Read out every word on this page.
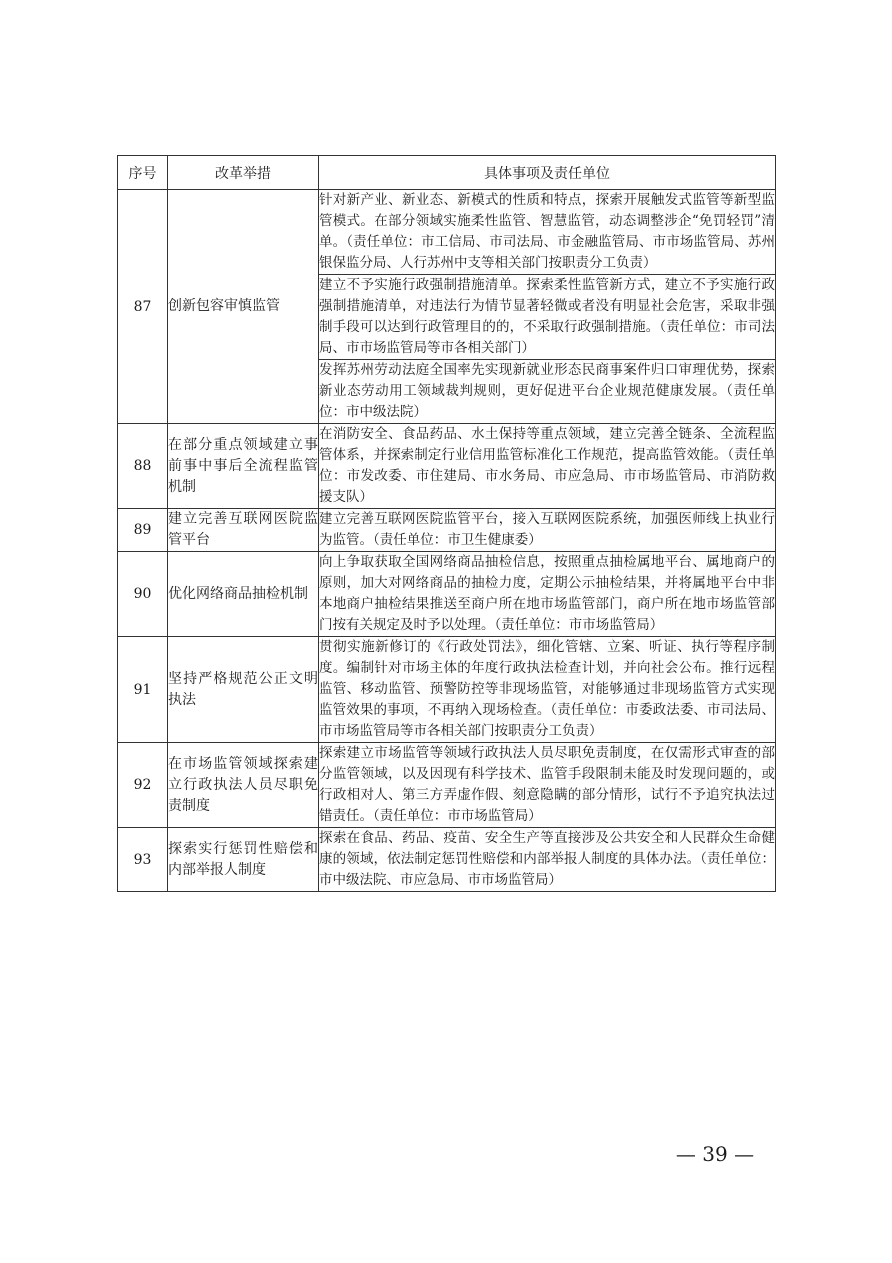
序号	改革举措	具体事项及责任单位
87	创新包容审慎监管	针对新产业、新业态、新模式的性质和特点，探索开展触发式监管等新型监管模式。在部分领域实施柔性监管、智慧监管，动态调整涉企“免罚轻罚”清单。（责任单位：市工信局、市司法局、市金融监管局、市市场监管局、苏州银保监分局、人行苏州中支等相关部门按职责分工负责）
		建立不予实施行政强制措施清单。探索柔性监管新方式，建立不予实施行政强制措施清单，对违法行为情节显著轻微或者没有明显社会危害，采取非强制手段可以达到行政管理目的的，不采取行政强制措施。（责任单位：市司法局、市市场监管局等市各相关部门）
		发挥苏州劳动法庭全国率先实现新就业形态民商事案件归口审理优势，探索新业态劳动用工领域裁判规则，更好促进平台企业规范健康发展。（责任单位：市中级法院）
88	在部分重点领域建立事前事中事后全流程监管机制	在消防安全、食品药品、水土保持等重点领域，建立完善全链条、全流程监管体系，并探索制定行业信用监管标准化工作规范，提高监管效能。（责任单位：市发改委、市住建局、市水务局、市应急局、市市场监管局、市消防救援支队）
89	建立完善互联网医院监管平台	建立完善互联网医院监管平台，接入互联网医院系统，加强医师线上执业行为监管。（责任单位：市卫生健康委）
90	优化网络商品抽检机制	向上争取获取全国网络商品抽检信息，按照重点抽检属地平台、属地商户的原则，加大对网络商品的抽检力度，定期公示抽检结果，并将属地平台中非本地商户抽检结果推送至商户所在地市场监管部门，商户所在地市场监管部门按有关规定及时予以处理。（责任单位：市市场监管局）
91	坚持严格规范公正文明执法	贯彻实施新修订的《行政处罚法》，细化管辖、立案、听证、执行等程序制度。编制针对市场主体的年度行政执法检查计划，并向社会公布。推行远程监管、移动监管、预警防控等非现场监管，对能够通过非现场监管方式实现监管效果的事项，不再纳入现场检查。（责任单位：市委政法委、市司法局、市市场监管局等市各相关部门按职责分工负责）
92	在市场监管领域探索建立行政执法人员尽职免责制度	探索建立市场监管等领域行政执法人员尽职免责制度，在仅需形式审查的部分监管领域，以及因现有科学技术、监管手段限制未能及时发现问题的，或行政相对人、第三方弄虚作假、刻意隐瞒的部分情形，试行不予追究执法过错责任。（责任单位：市市场监管局）
93	探索实行惩罚性赔偿和内部举报人制度	探索在食品、药品、疫苗、安全生产等直接涉及公共安全和人民群众生命健康的领域，依法制定惩罚性赔偿和内部举报人制度的具体办法。（责任单位：市中级法院、市应急局、市市场监管局）
— 39 —
